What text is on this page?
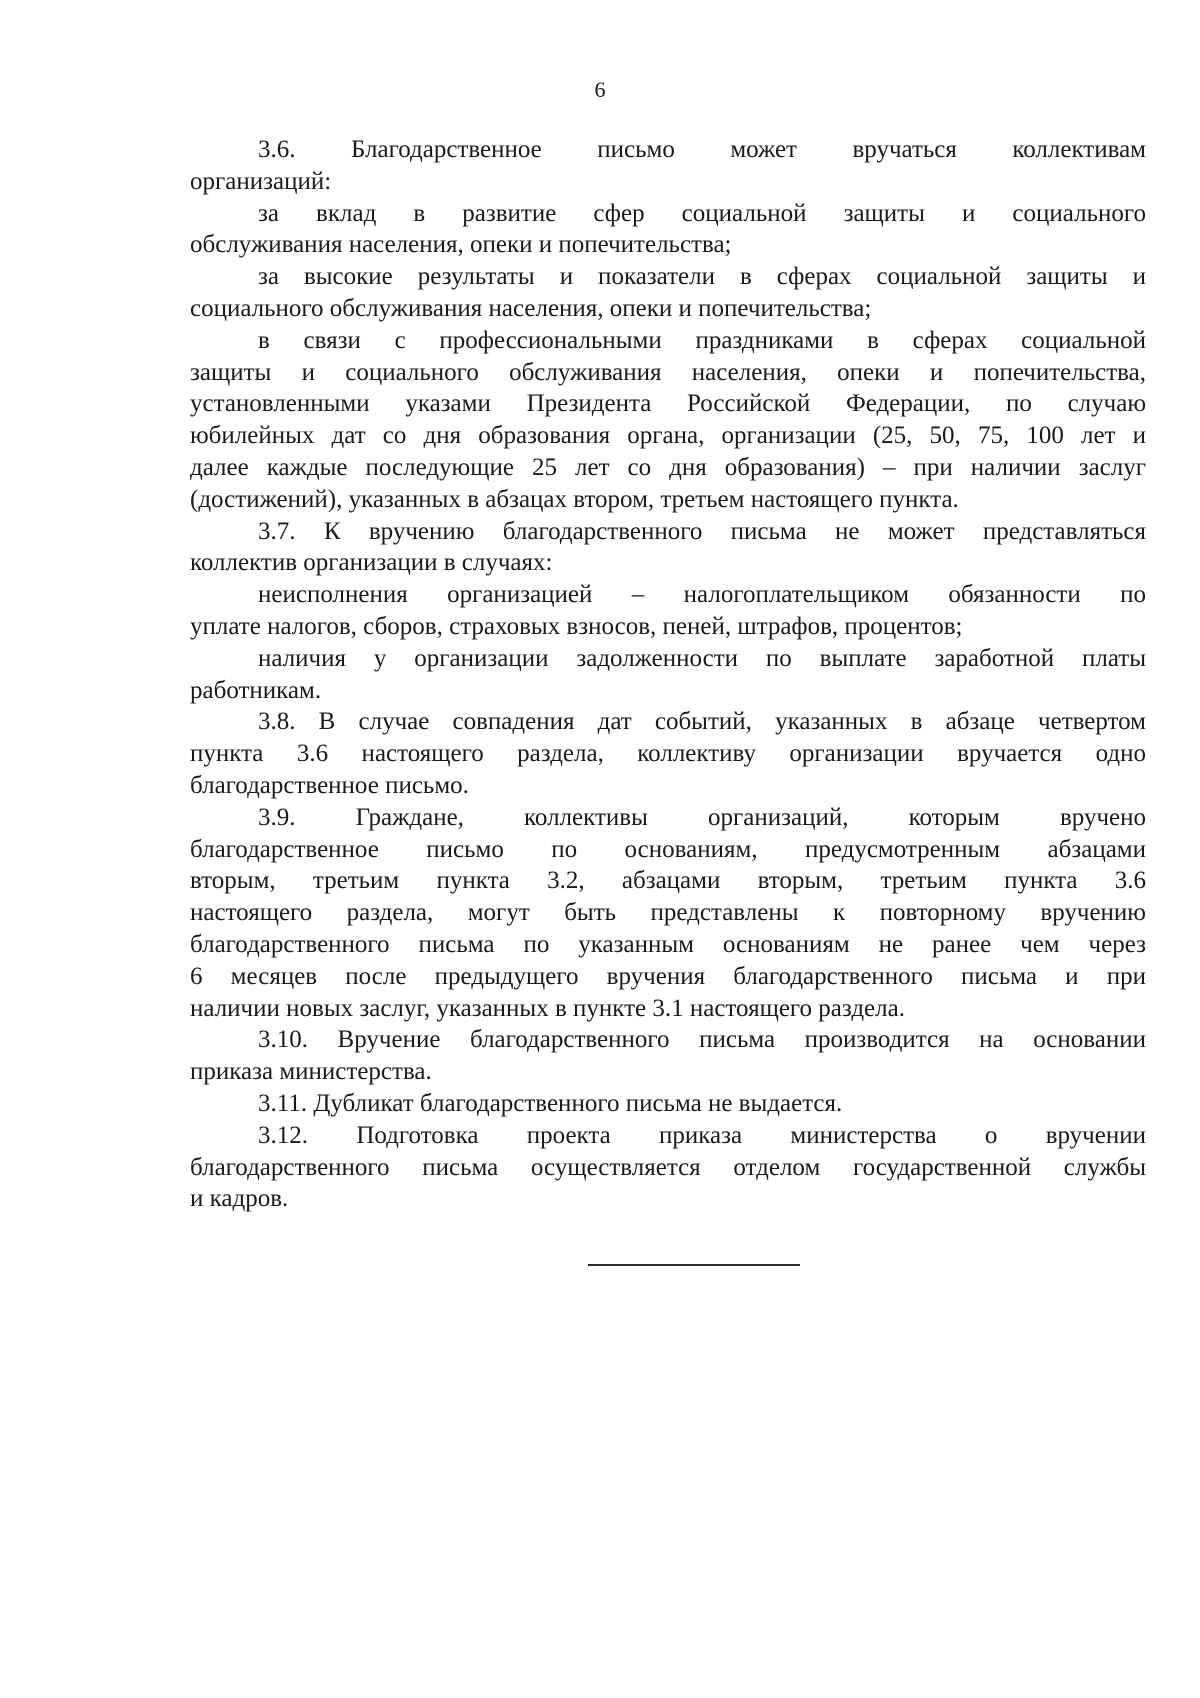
6

3.6. Благодарственное письмо может вручаться коллективам
организаций:

за вклад в развитие сфер социальной защиты и социального
обслуживания населения, опеки и попечительства;

за высокие результаты и показатели в сферах социальной защиты и
социального обслуживания населения, опеки и попечительства;

в связи с профессиональными праздниками в сферах социальной
защиты и социального обслуживания населения, опеки и попечительства,
установленными указами Президента Российской Федерации, по случаю
юбилейных дат со дня образования органа, организации (25, 50, 75, 100 лет и
далее каждые последующие 25 лет со дня образования) – при наличии заслуг
(достижений), указанных в абзацах втором, третьем настоящего пункта.

3.7. К вручению благодарственного письма не может представляться
коллектив организации в случаях:

неисполнения организацией – налогоплательщиком обязанности по
уплате налогов, сборов, страховых взносов, пеней, штрафов, процентов;

наличия у организации задолженности по выплате заработной платы
работникам.

3.8. В случае совпадения дат событий, указанных в абзаце четвертом
пункта 3.6 настоящего раздела, коллективу организации вручается одно
благодарственное письмо.

3.9. Граждане, коллективы организаций, которым вручено
благодарственное письмо по основаниям, предусмотренным абзацами
вторым, третьим пункта 3.2, абзацами вторым, третьим пункта 3.6
настоящего раздела, могут быть представлены к повторному вручению
благодарственного письма по указанным основаниям не ранее чем через
6 месяцев после предыдущего вручения благодарственного письма и при
наличии новых заслуг, указанных в пункте 3.1 настоящего раздела.

3.10. Вручение благодарственного письма производится на основании
приказа министерства.

3.11. Дубликат благодарственного письма не выдается.

3.12. Подготовка проекта приказа министерства о вручении
благодарственного письма осуществляется отделом государственной службы
и кадров.
